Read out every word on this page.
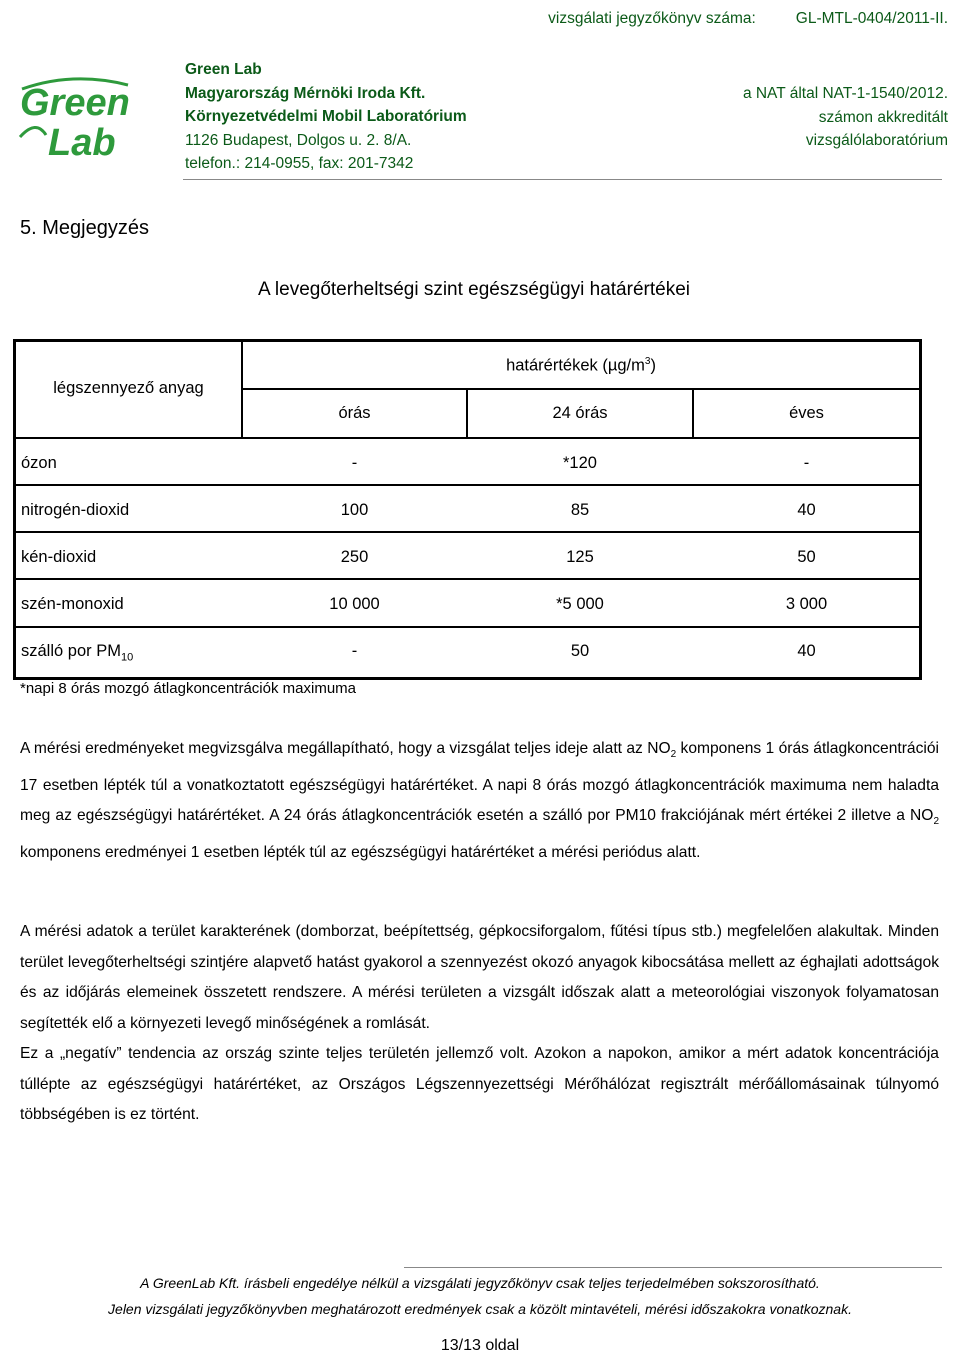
vizsgálati jegyzőkönyv száma:	GL-MTL-0404/2011-II.
Green
Lab
Green Lab
Magyarország Mérnöki Iroda Kft.
Környezetvédelmi Mobil Laboratórium
1126 Budapest, Dolgos u. 2. 8/A.
telefon.: 214-0955, fax: 201-7342
a NAT által NAT-1-1540/2012.
számon akkreditált
vizsgálólaboratórium
5. Megjegyzés
A levegőterheltségi szint egészségügyi határértékei
légszennyező anyag
határértékek $(\mu g/m^3)$
órás	24 órás	éves
ózon	-	*120	-
nitrogén-dioxid	100	85	40
kén-dioxid	250	125	50
szén-monoxid	10 000	*5 000	3 000
szálló por $PM_{10}$	-	50	40
*napi 8 órás mozgó átlagkoncentrációk maximuma

A mérési eredményeket megvizsgálva megállapítható, hogy a vizsgálat teljes ideje alatt az $NO_2$ komponens 1 órás átlagkoncentrációi 17 esetben lépték túl a vonatkoztatott egészségügyi határértéket. A napi 8 órás mozgó átlagkoncentrációk maximuma nem haladta meg az egészségügyi határértéket. A 24 órás átlagkoncentrációk esetén a szálló por PM10 frakciójának mért értékei 2 illetve a $NO_2$ komponens eredményei 1 esetben lépték túl az egészségügyi határértéket a mérési periódus alatt.

A mérési adatok a terület karakterének (domborzat, beépítettség, gépkocsiforgalom, fűtési típus stb.) megfelelően alakultak. Minden terület levegőterheltségi szintjére alapvető hatást gyakorol a szennyezést okozó anyagok kibocsátása mellett az éghajlati adottságok és az időjárás elemeinek összetett rendszere. A mérési területen a vizsgált időszak alatt a meteorológiai viszonyok folyamatosan segítették elő a környezeti levegő minőségének a romlását.

Ez a „negatív” tendencia az ország szinte teljes területén jellemző volt. Azokon a napokon, amikor a mért adatok koncentrációja túllépte az egészségügyi határértéket, az Országos Légszennyezettségi Mérőhálózat regisztrált mérőállomásainak túlnyomó többségében is ez történt.

A GreenLab Kft. írásbeli engedélye nélkül a vizsgálati jegyzőkönyv csak teljes terjedelmében sokszorosítható.
Jelen vizsgálati jegyzőkönyvben meghatározott eredmények csak a közölt mintavételi, mérési időszakokra vonatkoznak.
13/13 oldal
